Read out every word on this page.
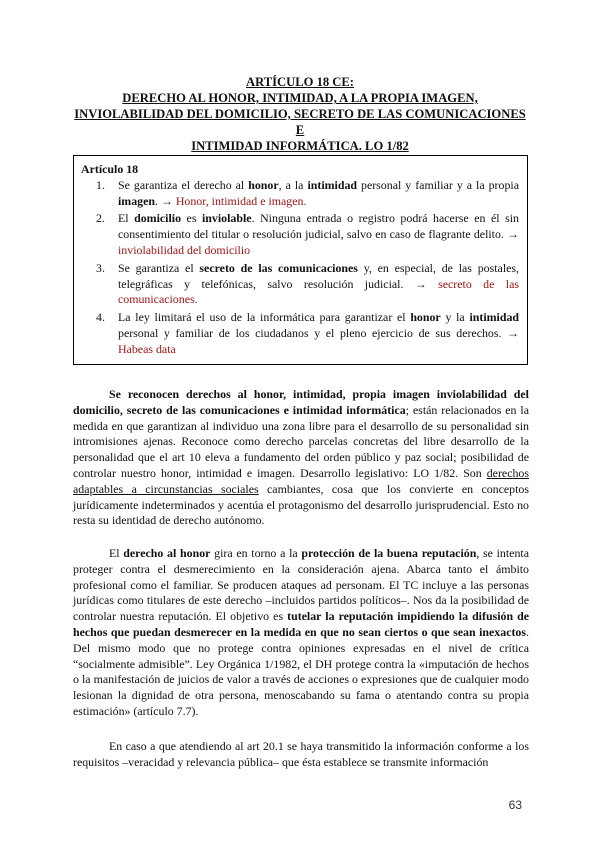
ARTÍCULO 18 CE:
DERECHO AL HONOR, INTIMIDAD, A LA PROPIA IMAGEN,
INVIOLABILIDAD DEL DOMICILIO, SECRETO DE LAS COMUNICACIONES E
INTIMIDAD INFORMÁTICA. LO 1/82
Artículo 18
1. Se garantiza el derecho al honor, a la intimidad personal y familiar y a la propia imagen. → Honor, intimidad e imagen.
2. El domicilio es inviolable. Ninguna entrada o registro podrá hacerse en él sin consentimiento del titular o resolución judicial, salvo en caso de flagrante delito. → inviolabilidad del domicilio
3. Se garantiza el secreto de las comunicaciones y, en especial, de las postales, telegráficas y telefónicas, salvo resolución judicial. → secreto de las comunicaciones.
4. La ley limitará el uso de la informática para garantizar el honor y la intimidad personal y familiar de los ciudadanos y el pleno ejercicio de sus derechos. → Habeas data

Se reconocen derechos al honor, intimidad, propia imagen inviolabilidad del domicilio, secreto de las comunicaciones e intimidad informática; están relacionados en la medida en que garantizan al individuo una zona libre para el desarrollo de su personalidad sin intromisiones ajenas. Reconoce como derecho parcelas concretas del libre desarrollo de la personalidad que el art 10 eleva a fundamento del orden público y paz social; posibilidad de controlar nuestro honor, intimidad e imagen. Desarrollo legislativo: LO 1/82. Son derechos adaptables a circunstancias sociales cambiantes, cosa que los convierte en conceptos jurídicamente indeterminados y acentúa el protagonismo del desarrollo jurisprudencial. Esto no resta su identidad de derecho autónomo.

El derecho al honor gira en torno a la protección de la buena reputación, se intenta proteger contra el desmerecimiento en la consideración ajena. Abarca tanto el ámbito profesional como el familiar. Se producen ataques ad personam. El TC incluye a las personas jurídicas como titulares de este derecho –incluidos partidos políticos–. Nos da la posibilidad de controlar nuestra reputación. El objetivo es tutelar la reputación impidiendo la difusión de hechos que puedan desmerecer en la medida en que no sean ciertos o que sean inexactos. Del mismo modo que no protege contra opiniones expresadas en el nivel de crítica “socialmente admisible”. Ley Orgánica 1/1982, el DH protege contra la «imputación de hechos o la manifestación de juicios de valor a través de acciones o expresiones que de cualquier modo lesionan la dignidad de otra persona, menoscabando su fama o atentando contra su propia estimación» (artículo 7.7).

En caso a que atendiendo al art 20.1 se haya transmitido la información conforme a los requisitos –veracidad y relevancia pública– que ésta establece se transmite información

63
